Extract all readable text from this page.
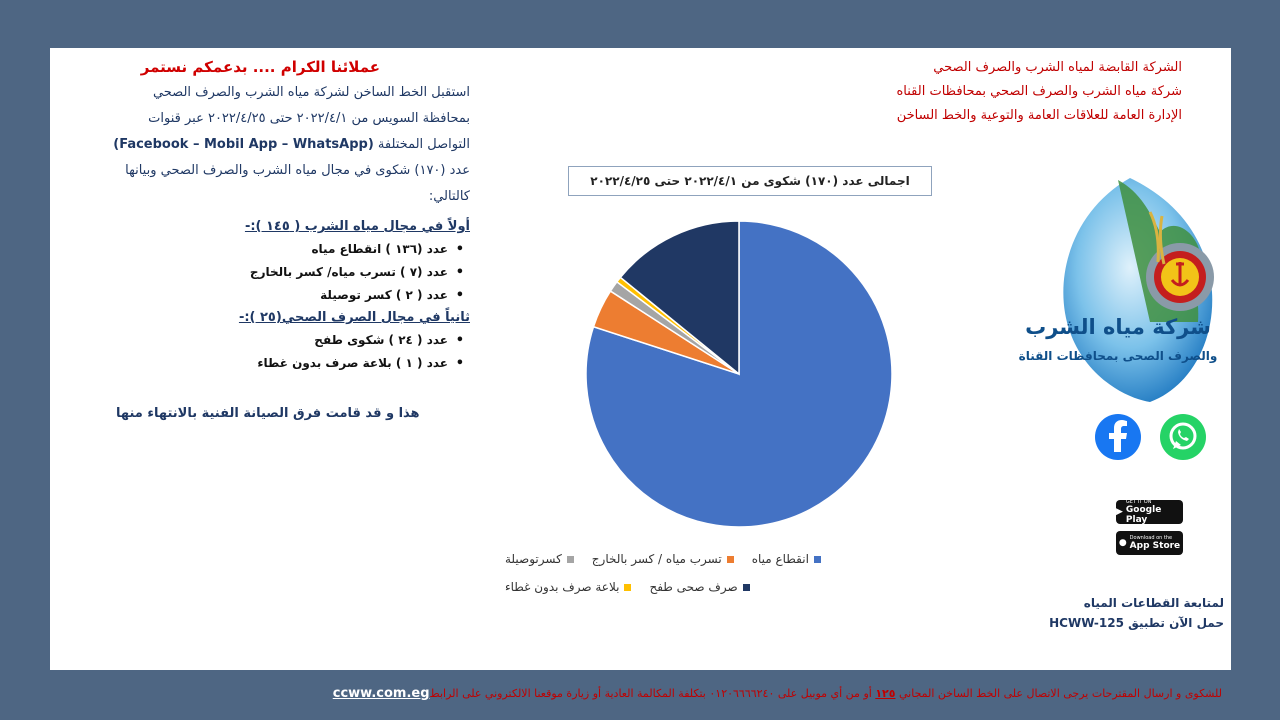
الشركة القابضة لمياه الشرب والصرف الصحي
شركة مياه الشرب والصرف الصحي بمحافظات القناه
الإدارة العامة للعلاقات العامة والتوعية والخط الساخن
عملائنا الكرام .... بدعمكم نستمر
استقبل الخط الساخن لشركة مياه الشرب والصرف الصحي
بمحافظة السويس من ٢٠٢٢/٤/١ حتى ٢٠٢٢/٤/٢٥ عبر قنوات
التواصل المختلفة (Facebook – Mobil App – WhatsApp)
عدد (١٧٠) شكوى في مجال مياه الشرب والصرف الصحي وبيانها
كالتالي:
أولاً في مجال مياه الشرب ( ١٤٥ ):-
• عدد (١٣٦ ) انقطاع مياه
• عدد (٧ ) تسرب مياه/ كسر بالخارج
• عدد ( ٢ ) كسر توصيلة
ثانياً في مجال الصرف الصحي(٢٥ ):-
• عدد ( ٢٤ ) شكوى طفح
• عدد ( ١ ) بلاعة صرف بدون غطاء
هذا و قد قامت فرق الصيانة الفنية بالانتهاء منها
اجمالى عدد (١٧٠) شكوى من ٢٠٢٢/٤/١ حتى ٢٠٢٢/٤/٢٥
انقطاع مياه
تسرب مياه / كسر بالخارج
كسرتوصيلة
صرف صحى طفح
بلاعة صرف بدون غطاء
شركة مياه الشرب
والصرف الصحى بمحافظات القناة
▶
GET IT ON
Google Play
● Download on the
App Store
لمتابعة القطاعات المياه
حمل الآن تطبيق HCWW-125
للشكوى و ارسال المقترحات يرجى الاتصال على الخط الساخن المجاني ١٢٥ أو من أي موبيل على ٠١٢٠٦٦٦٦٢٤٠ بتكلفة المكالمة العادية أو زيارة موقعنا الالكتروني على الرابطccww.com.eg
